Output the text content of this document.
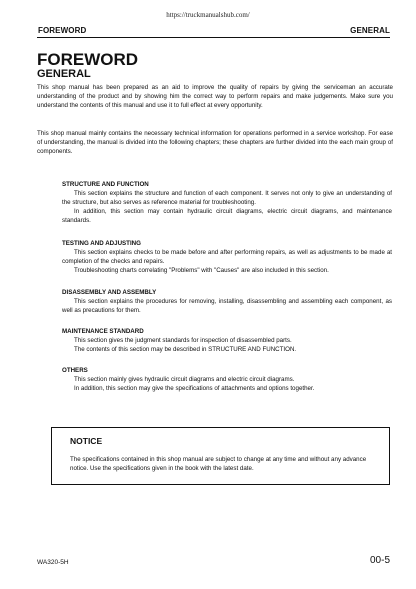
https://truckmanualshub.com/
FOREWORD	GENERAL
FOREWORD
GENERAL
This shop manual has been prepared as an aid to improve the quality of repairs by giving the serviceman an accurate understanding of the product and by showing him the correct way to perform repairs and make judgements. Make sure you understand the contents of this manual and use it to full effect at every opportunity.
This shop manual mainly contains the necessary technical information for operations performed in a service workshop. For ease of understanding, the manual is divided into the following chapters; these chapters are further divided into the each main group of components.
STRUCTURE AND FUNCTION

This section explains the structure and function of each component. It serves not only to give an understanding of the structure, but also serves as reference material for troubleshooting.

In addition, this section may contain hydraulic circuit diagrams, electric circuit diagrams, and maintenance standards.

TESTING AND ADJUSTING

This section explains checks to be made before and after performing repairs, as well as adjustments to be made at completion of the checks and repairs.

Troubleshooting charts correlating "Problems" with "Causes" are also included in this section.

DISASSEMBLY AND ASSEMBLY

This section explains the procedures for removing, installing, disassembling and assembling each component, as well as precautions for them.

MAINTENANCE STANDARD

This section gives the judgment standards for inspection of disassembled parts.

The contents of this section may be described in STRUCTURE AND FUNCTION.

OTHERS

This section mainly gives hydraulic circuit diagrams and electric circuit diagrams.

In addition, this section may give the specifications of attachments and options together.

NOTICE
The specifications contained in this shop manual are subject to change at any time and without any advance notice. Use the specifications given in the book with the latest date.
WA320-5H	00-5
